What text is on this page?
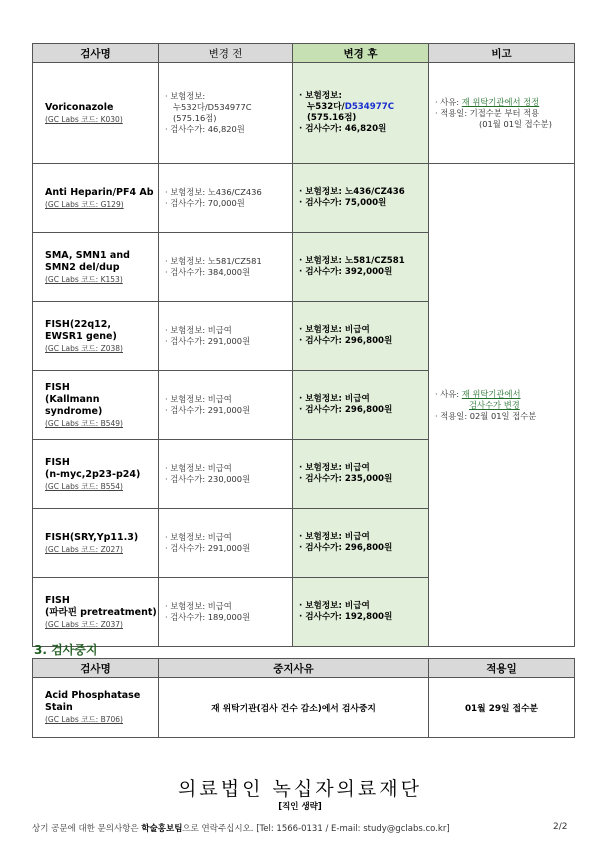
검사명	변경 전	변경 후	비고

Voriconazole
(GC Labs 코드: K030)	· 보험정보:
누532다/D534977C
(575.16점)
· 검사수가: 46,820원	· 보험정보:
누532다/D534977C
(575.16점)
· 검사수가: 46,820원	· 사유: 재 위탁기관에서 정정
· 적용일: 기접수분 부터 적용
(01월 01일 접수분)

Anti Heparin/PF4 Ab
(GC Labs 코드: G129)	· 보험정보: 노436/CZ436
· 검사수가: 70,000원	· 보험정보: 노436/CZ436
· 검사수가: 75,000원	· 사유: 재 위탁기관에서
검사수가 변경
· 적용일: 02월 01일 접수분

SMA, SMN1 and
SMN2 del/dup
(GC Labs 코드: K153)	· 보험정보: 노581/CZ581
· 검사수가: 384,000원	· 보험정보: 노581/CZ581
· 검사수가: 392,000원	

FISH(22q12,
EWSR1 gene)
(GC Labs 코드: Z038)	· 보험정보: 비급여
· 검사수가: 291,000원	· 보험정보: 비급여
· 검사수가: 296,800원	

FISH
(Kallmann syndrome)
(GC Labs 코드: B549)	· 보험정보: 비급여
· 검사수가: 291,000원	· 보험정보: 비급여
· 검사수가: 296,800원	

FISH
(n-myc,2p23-p24)
(GC Labs 코드: B554)	· 보험정보: 비급여
· 검사수가: 230,000원	· 보험정보: 비급여
· 검사수가: 235,000원	

FISH(SRY,Yp11.3)
(GC Labs 코드: Z027)	· 보험정보: 비급여
· 검사수가: 291,000원	· 보험정보: 비급여
· 검사수가: 296,800원	

FISH
(파라핀 pretreatment)
(GC Labs 코드: Z037)	· 보험정보: 비급여
· 검사수가: 189,000원	· 보험정보: 비급여
· 검사수가: 192,800원	
3. 검사중지
검사명	중지사유	적용일

Acid Phosphatase
Stain
(GC Labs 코드: B706)	재 위탁기관(검사 건수 감소)에서 검사중지	01월 29일 접수분
의료법인 녹십자의료재단
[직인 생략]
상기 공문에 대한 문의사항은 학술홍보팀으로 연락주십시오. [Tel: 1566-0131 / E-mail: study@gclabs.co.kr]	2/2
